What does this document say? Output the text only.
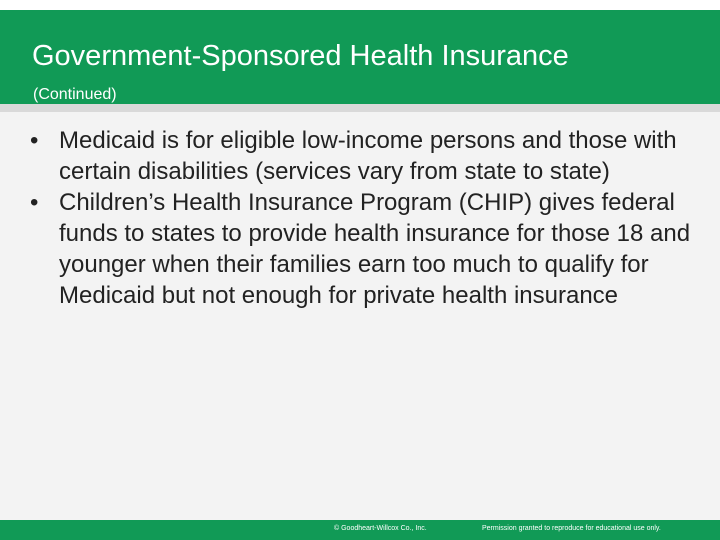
Government-Sponsored Health Insurance

(Continued)

• Medicaid is for eligible low-income persons and those with certain disabilities (services vary from state to state)
• Children’s Health Insurance Program (CHIP) gives federal funds to states to provide health insurance for those 18 and younger when their families earn too much to qualify for Medicaid but not enough for private health insurance
© Goodheart-Willcox Co., Inc.	Permission granted to reproduce for educational use only.
